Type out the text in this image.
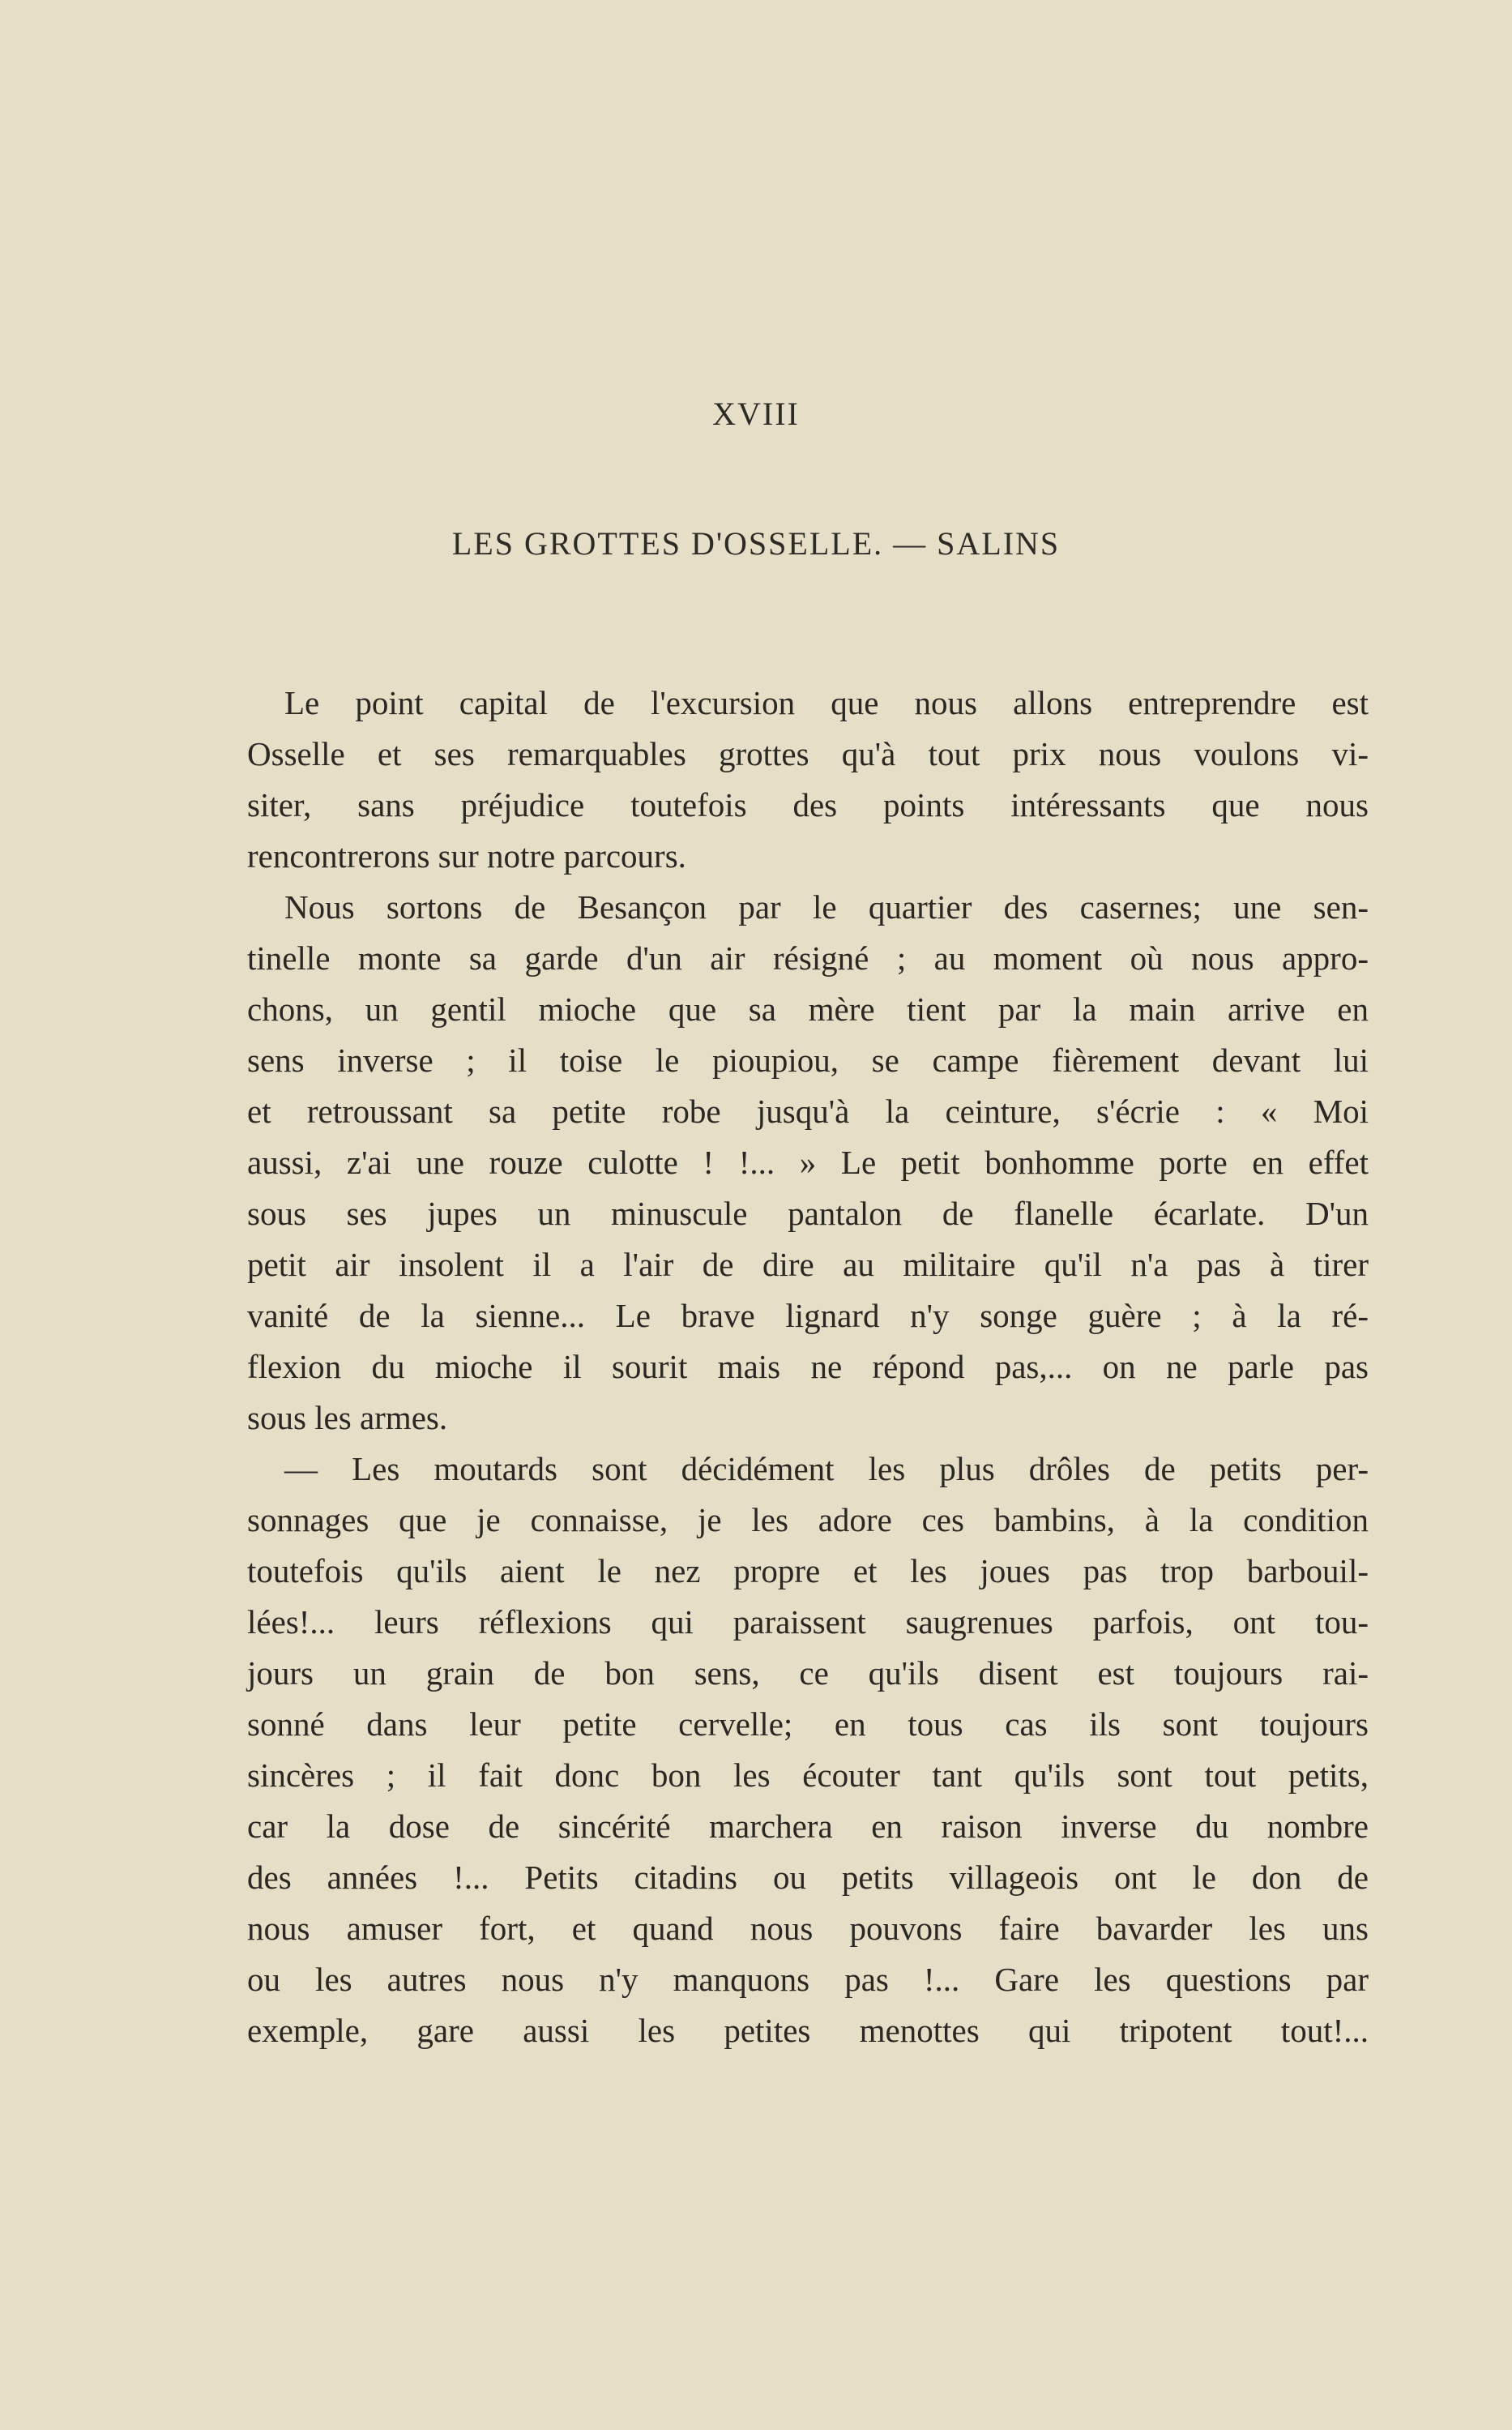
XVIII
LES GROTTES D'OSSELLE. — SALINS
Le point capital de l'excursion que nous allons entreprendre est
Osselle et ses remarquables grottes qu'à tout prix nous voulons vi-
siter, sans préjudice toutefois des points intéressants que nous
rencontrerons sur notre parcours.
Nous sortons de Besançon par le quartier des casernes; une sen-
tinelle monte sa garde d'un air résigné ; au moment où nous appro-
chons, un gentil mioche que sa mère tient par la main arrive en
sens inverse ; il toise le pioupiou, se campe fièrement devant lui
et retroussant sa petite robe jusqu'à la ceinture, s'écrie : « Moi
aussi, z'ai une rouze culotte ! !... » Le petit bonhomme porte en effet
sous ses jupes un minuscule pantalon de flanelle écarlate. D'un
petit air insolent il a l'air de dire au militaire qu'il n'a pas à tirer
vanité de la sienne... Le brave lignard n'y songe guère ; à la ré-
flexion du mioche il sourit mais ne répond pas,... on ne parle pas
sous les armes.
— Les moutards sont décidément les plus drôles de petits per-
sonnages que je connaisse, je les adore ces bambins, à la condition
toutefois qu'ils aient le nez propre et les joues pas trop barbouil-
lées!... leurs réflexions qui paraissent saugrenues parfois, ont tou-
jours un grain de bon sens, ce qu'ils disent est toujours rai-
sonné dans leur petite cervelle; en tous cas ils sont toujours
sincères ; il fait donc bon les écouter tant qu'ils sont tout petits,
car la dose de sincérité marchera en raison inverse du nombre
des années !... Petits citadins ou petits villageois ont le don de
nous amuser fort, et quand nous pouvons faire bavarder les uns
ou les autres nous n'y manquons pas !... Gare les questions par
exemple, gare aussi les petites menottes qui tripotent tout!...
